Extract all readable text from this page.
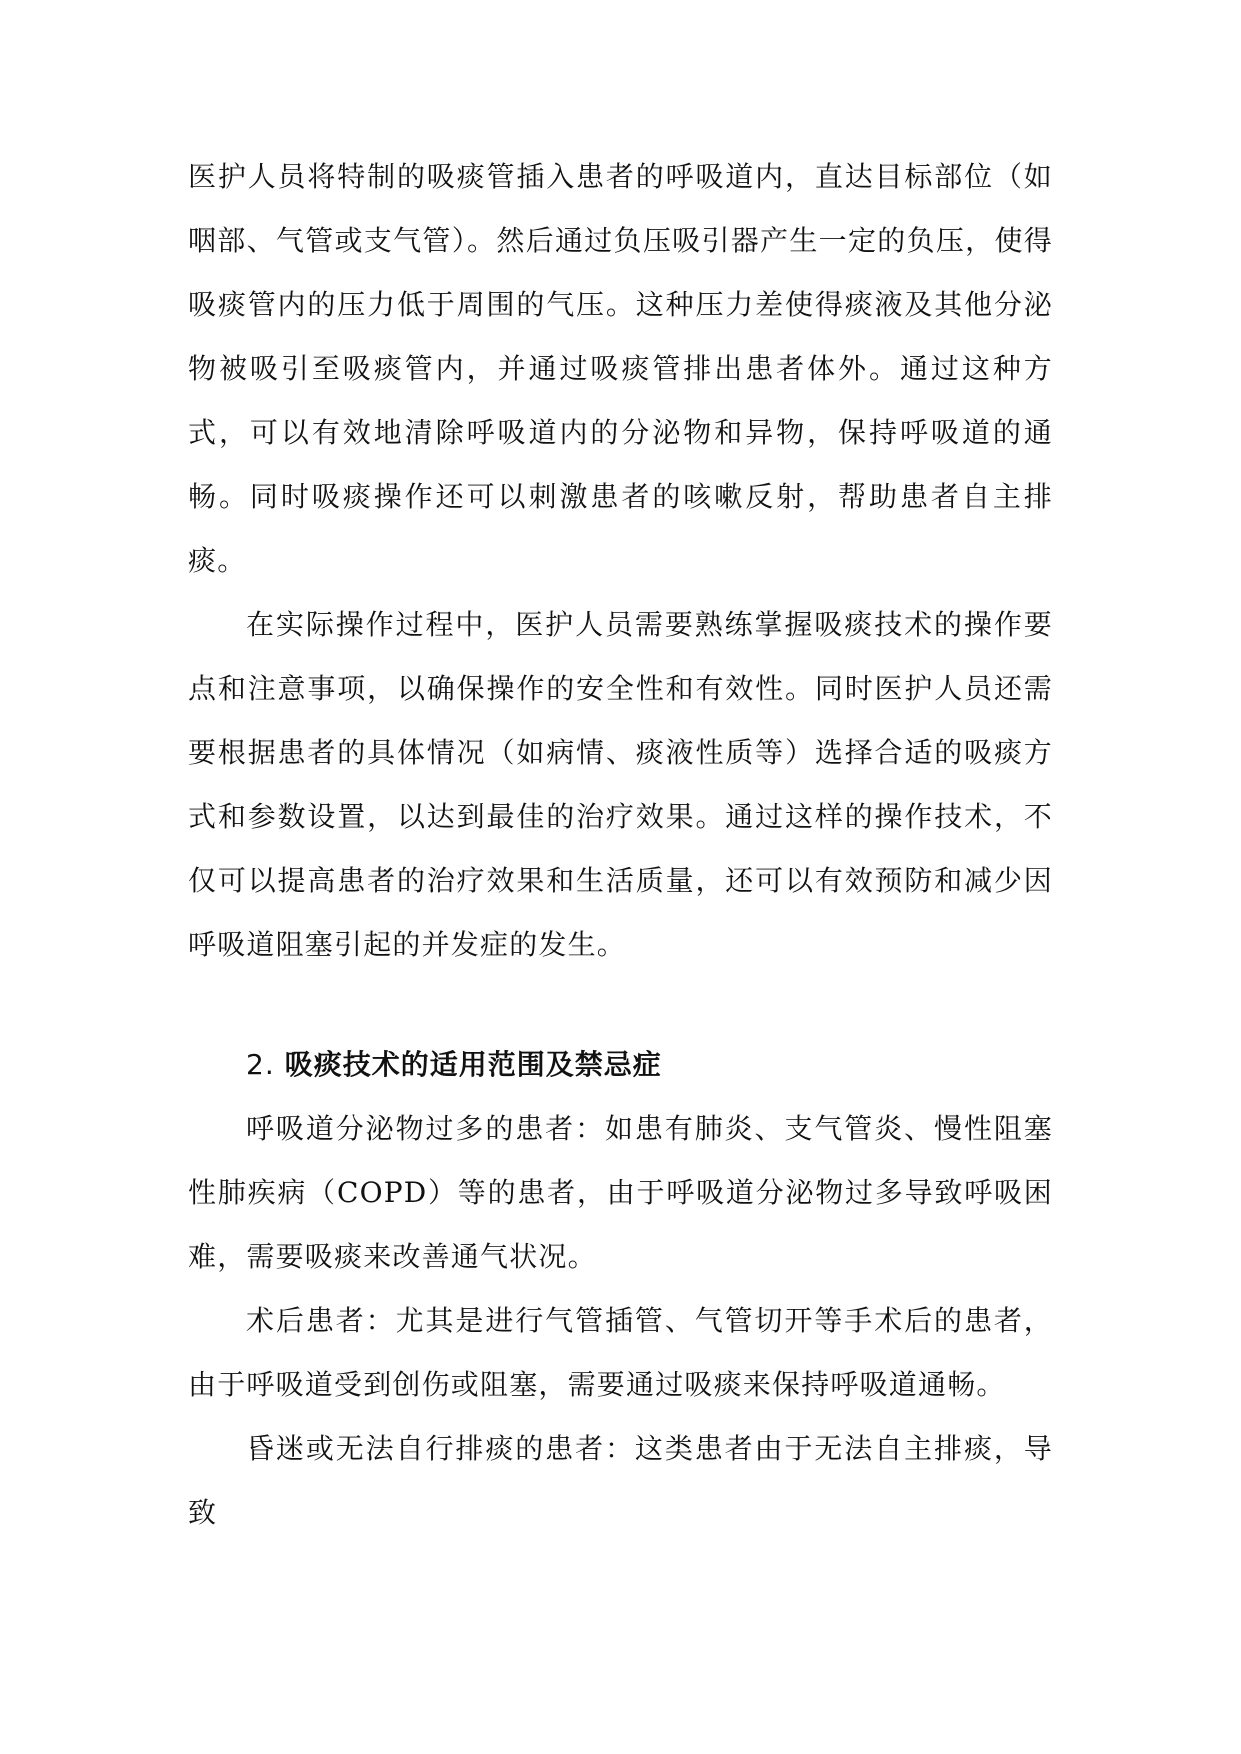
医护人员将特制的吸痰管插入患者的呼吸道内，直达目标部位（如咽部、气管或支气管）。然后通过负压吸引器产生一定的负压，使得吸痰管内的压力低于周围的气压。这种压力差使得痰液及其他分泌物被吸引至吸痰管内，并通过吸痰管排出患者体外。通过这种方式，可以有效地清除呼吸道内的分泌物和异物，保持呼吸道的通畅。同时吸痰操作还可以刺激患者的咳嗽反射，帮助患者自主排痰。

在实际操作过程中，医护人员需要熟练掌握吸痰技术的操作要点和注意事项，以确保操作的安全性和有效性。同时医护人员还需要根据患者的具体情况（如病情、痰液性质等）选择合适的吸痰方式和参数设置，以达到最佳的治疗效果。通过这样的操作技术，不仅可以提高患者的治疗效果和生活质量，还可以有效预防和减少因呼吸道阻塞引起的并发症的发生。

2. 吸痰技术的适用范围及禁忌症

呼吸道分泌物过多的患者：如患有肺炎、支气管炎、慢性阻塞性肺疾病（COPD）等的患者，由于呼吸道分泌物过多导致呼吸困难，需要吸痰来改善通气状况。

术后患者：尤其是进行气管插管、气管切开等手术后的患者，由于呼吸道受到创伤或阻塞，需要通过吸痰来保持呼吸道通畅。

昏迷或无法自行排痰的患者：这类患者由于无法自主排痰，导致
